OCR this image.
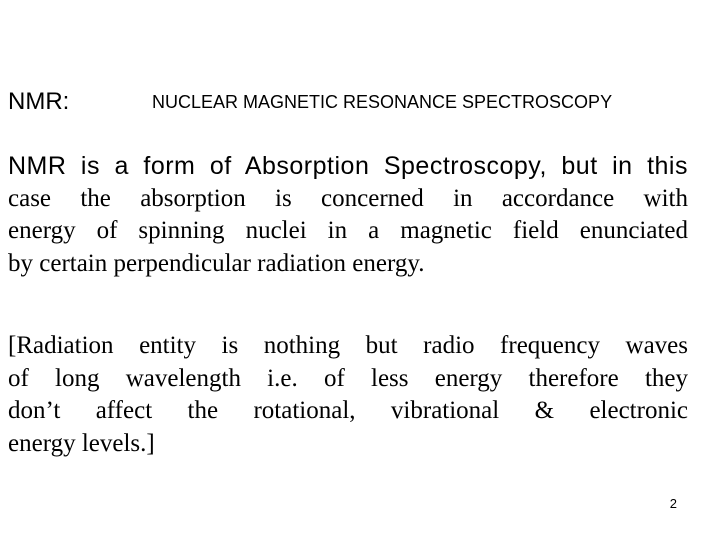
NMR:	NUCLEAR MAGNETIC RESONANCE SPECTROSCOPY
NMR is a form of Absorption Spectroscopy, but in this
case the absorption is concerned in accordance with
energy of spinning nuclei in a magnetic field enunciated
by certain perpendicular radiation energy.
[Radiation entity is nothing but radio frequency waves
of long wavelength i.e. of less energy therefore they
don’t affect the rotational, vibrational & electronic
energy levels.]
2
